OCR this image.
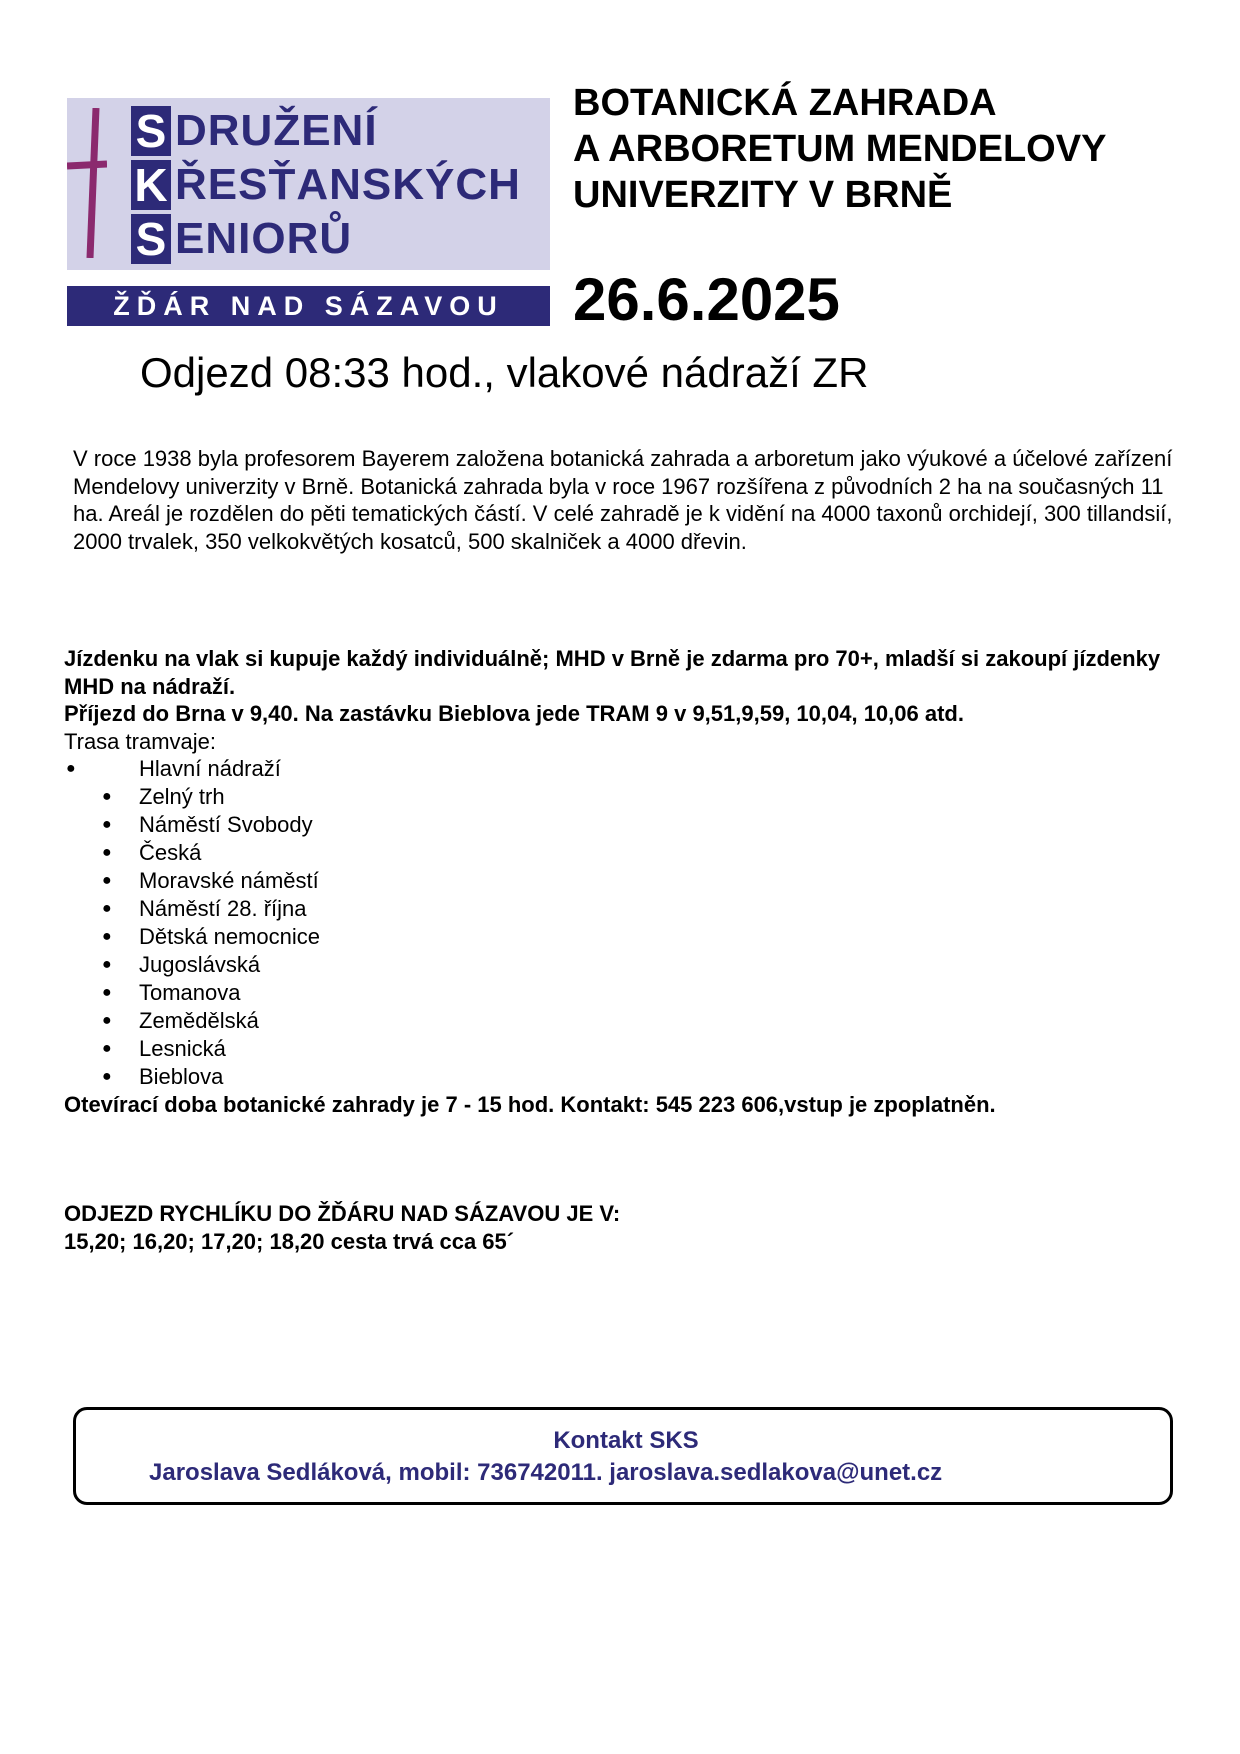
S DRUŽENÍ
K ŘESŤANSKÝCH
S ENIORŮ
ŽĎÁR NAD SÁZAVOU
BOTANICKÁ ZAHRADA
A ARBORETUM MENDELOVY
UNIVERZITY V BRNĚ
26.6.2025
Odjezd 08:33 hod., vlakové nádraží ZR

V roce 1938 byla profesorem Bayerem založena botanická zahrada a arboretum jako výukové a účelové zařízení Mendelovy univerzity v Brně. Botanická zahrada byla v roce 1967 rozšířena z původních 2 ha na současných 11 ha. Areál je rozdělen do pěti tematických částí. V celé zahradě je k vidění na 4000 taxonů orchidejí, 300 tillandsií, 2000 trvalek, 350 velkokvětých kosatců, 500 skalniček a 4000 dřevin.

Jízdenku na vlak si kupuje každý individuálně; MHD v Brně je zdarma pro 70+, mladší si zakoupí jízdenky MHD na nádraží.

Příjezd do Brna v 9,40. Na zastávku Bieblova jede TRAM 9 v 9,51,9,59, 10,04, 10,06 atd.

Trasa tramvaje:

●	Hlavní nádraží
● Zelný trh
● Náměstí Svobody
● Česká
● Moravské náměstí
● Náměstí 28. října
● Dětská nemocnice
● Jugoslávská
● Tomanova
● Zemědělská
● Lesnická
● Bieblova

Otevírací doba botanické zahrady je 7 - 15 hod. Kontakt: 545 223 606,vstup je zpoplatněn.

ODJEZD RYCHLÍKU DO ŽĎÁRU NAD SÁZAVOU JE V:
15,20; 16,20; 17,20; 18,20 cesta trvá cca 65´
Kontakt SKS
Jaroslava Sedláková, mobil: 736742011. jaroslava.sedlakova@unet.cz
